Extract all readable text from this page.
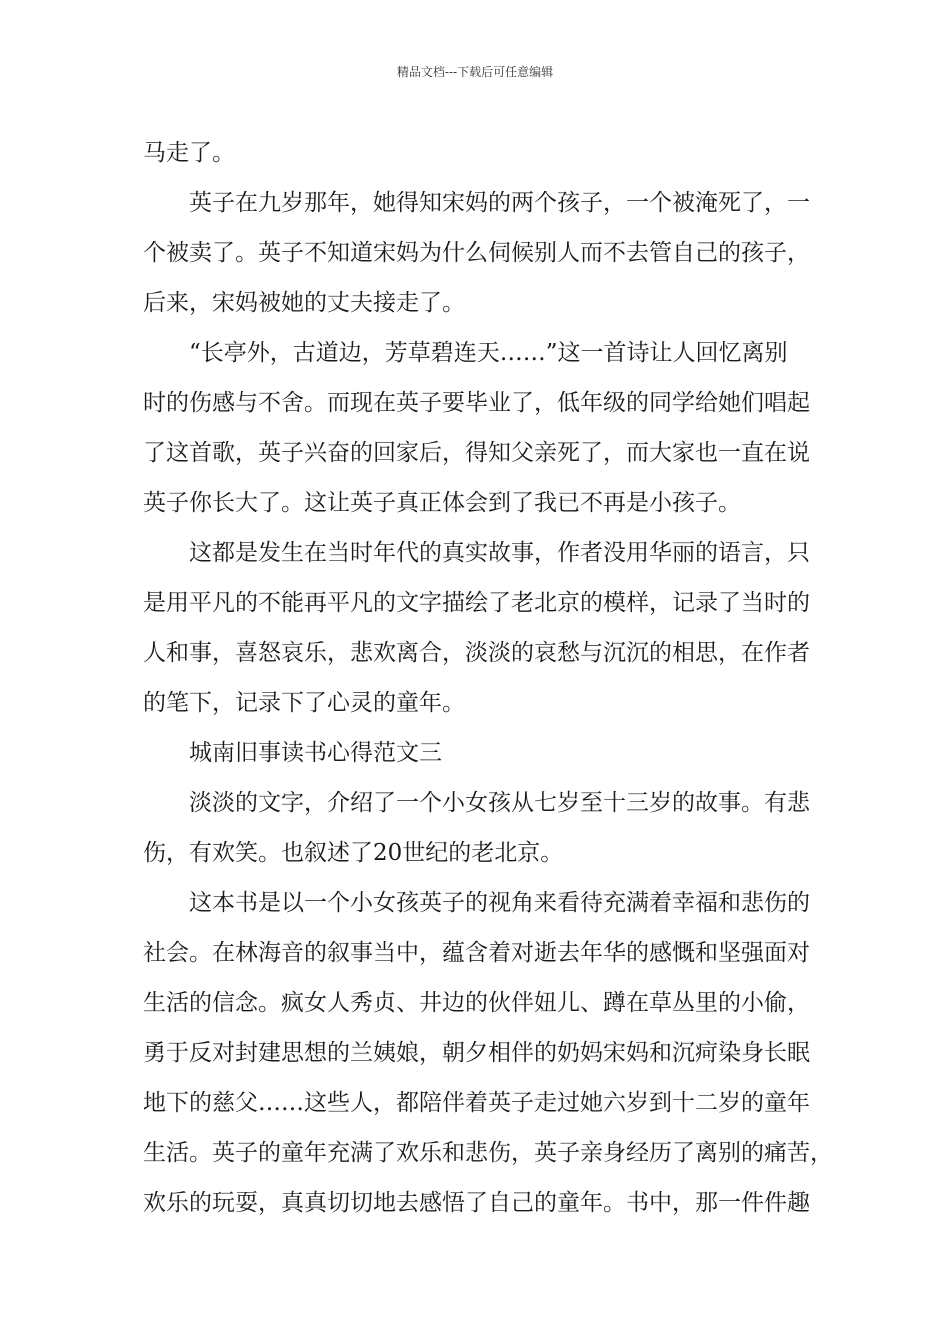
精品文档---下载后可任意编辑
马走了。
英子在九岁那年，她得知宋妈的两个孩子，一个被淹死了，一
个被卖了。英子不知道宋妈为什么伺候别人而不去管自己的孩子，
后来，宋妈被她的丈夫接走了。
“长亭外，古道边，芳草碧连天……”这一首诗让人回忆离别
时的伤感与不舍。而现在英子要毕业了，低年级的同学给她们唱起
了这首歌，英子兴奋的回家后，得知父亲死了，而大家也一直在说
英子你长大了。这让英子真正体会到了我已不再是小孩子。
这都是发生在当时年代的真实故事，作者没用华丽的语言，只
是用平凡的不能再平凡的文字描绘了老北京的模样，记录了当时的
人和事，喜怒哀乐，悲欢离合，淡淡的哀愁与沉沉的相思，在作者
的笔下，记录下了心灵的童年。
城南旧事读书心得范文三
淡淡的文字，介绍了一个小女孩从七岁至十三岁的故事。有悲
伤，有欢笑。也叙述了20世纪的老北京。
这本书是以一个小女孩英子的视角来看待充满着幸福和悲伤的
社会。在林海音的叙事当中，蕴含着对逝去年华的感慨和坚强面对
生活的信念。疯女人秀贞、井边的伙伴妞儿、蹲在草丛里的小偷，
勇于反对封建思想的兰姨娘，朝夕相伴的奶妈宋妈和沉疴染身长眠
地下的慈父……这些人，都陪伴着英子走过她六岁到十二岁的童年
生活。英子的童年充满了欢乐和悲伤，英子亲身经历了离别的痛苦，
欢乐的玩耍，真真切切地去感悟了自己的童年。书中，那一件件趣
